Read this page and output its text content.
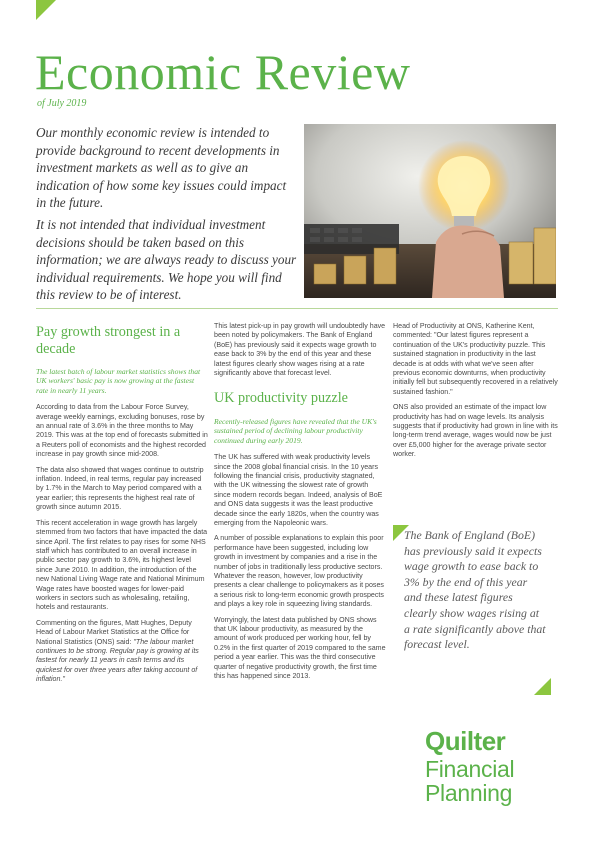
Economic Review
of July 2019

Our monthly economic review is intended to provide background to recent developments in investment markets as well as to give an indication of how some key issues could impact in the future.

It is not intended that individual investment decisions should be taken based on this information; we are always ready to discuss your individual requirements. We hope you will find this review to be of interest.

Pay growth strongest in a decade

The latest batch of labour market statistics shows that UK workers' basic pay is now growing at the fastest rate in nearly 11 years.

According to data from the Labour Force Survey, average weekly earnings, excluding bonuses, rose by an annual rate of 3.6% in the three months to May 2019. This was at the top end of forecasts submitted in a Reuters poll of economists and the highest recorded increase in pay growth since mid-2008.

The data also showed that wages continue to outstrip inflation. Indeed, in real terms, regular pay increased by 1.7% in the March to May period compared with a year earlier; this represents the highest real rate of growth since autumn 2015.

This recent acceleration in wage growth has largely stemmed from two factors that have impacted the data since April. The first relates to pay rises for some NHS staff which has contributed to an overall increase in public sector pay growth to 3.6%, its highest level since June 2010. In addition, the introduction of the new National Living Wage rate and National Minimum Wage rates have boosted wages for lower-paid workers in sectors such as wholesaling, retailing, hotels and restaurants.

Commenting on the figures, Matt Hughes, Deputy Head of Labour Market Statistics at the Office for National Statistics (ONS) said: "The labour market continues to be strong. Regular pay is growing at its fastest for nearly 11 years in cash terms and its quickest for over three years after taking account of inflation."

This latest pick-up in pay growth will undoubtedly have been noted by policymakers. The Bank of England (BoE) has previously said it expects wage growth to ease back to 3% by the end of this year and these latest figures clearly show wages rising at a rate significantly above that forecast level.

UK productivity puzzle

Recently-released figures have revealed that the UK's sustained period of declining labour productivity continued during early 2019.

The UK has suffered with weak productivity levels since the 2008 global financial crisis. In the 10 years following the financial crisis, productivity stagnated, with the UK witnessing the slowest rate of growth since modern records began. Indeed, analysis of BoE and ONS data suggests it was the least productive decade since the early 1820s, when the country was emerging from the Napoleonic wars.

A number of possible explanations to explain this poor performance have been suggested, including low growth in investment by companies and a rise in the number of jobs in traditionally less productive sectors. Whatever the reason, however, low productivity presents a clear challenge to policymakers as it poses a serious risk to long-term economic growth prospects and plays a key role in squeezing living standards.

Worryingly, the latest data published by ONS shows that UK labour productivity, as measured by the amount of work produced per working hour, fell by 0.2% in the first quarter of 2019 compared to the same period a year earlier. This was the third consecutive quarter of negative productivity growth, the first time this has happened since 2013.

Head of Productivity at ONS, Katherine Kent, commented: "Our latest figures represent a continuation of the UK's productivity puzzle. This sustained stagnation in productivity in the last decade is at odds with what we've seen after previous economic downturns, when productivity initially fell but subsequently recovered in a relatively sustained fashion."

ONS also provided an estimate of the impact low productivity has had on wage levels. Its analysis suggests that if productivity had grown in line with its long-term trend average, wages would now be just over £5,000 higher for the average private sector worker.

The Bank of England (BoE) has previously said it expects wage growth to ease back to 3% by the end of this year and these latest figures clearly show wages rising at a rate significantly above that forecast level.

Quilter
Financial
Planning
